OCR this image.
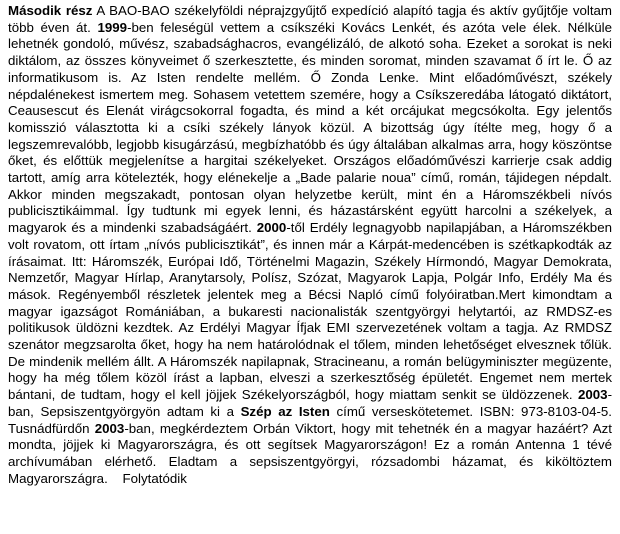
Második rész A BAO-BAO székelyföldi néprajzgyűjtő expedíció alapító tagja és aktív gyűjtője voltam több éven át. 1999-ben feleségül vettem a csíkszéki Kovács Lenkét, és azóta vele élek. Nélküle lehetnék gondoló, művész, szabadsághacros, evangélizáló, de alkotó soha. Ezeket a sorokat is neki diktálom, az összes könyveimet ő szerkesztette, és minden soromat, minden szavamat ő írt le. Ő az informatikusom is. Az Isten rendelte mellém. Ő Zonda Lenke. Mint előadóművészt, székely népdalénekest ismertem meg. Sohasem vetettem szemére, hogy a Csíkszeredába látogató diktátort, Ceausescut és Elenát virágcsokorral fogadta, és mind a két orcájukat megcsókolta. Egy jelentős komisszió választotta ki a csíki székely lányok közül. A bizottság úgy ítélte meg, hogy ő a legszemrevalóbb, legjobb kisugárzású, megbízhatóbb és úgy általában alkalmas arra, hogy köszöntse őket, és előttük megjelenítse a hargitai székelyeket. Országos előadóművészi karrierje csak addig tartott, amíg arra kötelezték, hogy elénekelje a „Bade palarie noua” című, román, tájidegen népdalt. Akkor minden megszakadt, pontosan olyan helyzetbe került, mint én a Háromszékbeli nívós publicisztikáimmal. Így tudtunk mi egyek lenni, és házastársként együtt harcolni a székelyek, a magyarok és a mindenki szabadságáért. 2000-től Erdély legnagyobb napilapjában, a Háromszékben volt rovatom, ott írtam „nívós publicisztikát”, és innen már a Kárpát-medencében is szétkapkodták az írásaimat. Itt: Háromszék, Európai Idő, Történelmi Magazin, Székely Hírmondó, Magyar Demokrata, Nemzetőr, Magyar Hírlap, Aranytarsoly, Polísz, Szózat, Magyarok Lapja, Polgár Info, Erdély Ma és mások. Regényemből részletek jelentek meg a Bécsi Napló című folyóiratban.Mert kimondtam a magyar igazságot Romániában, a bukaresti nacionalisták szentgyörgyi helytartói, az RMDSZ-es politikusok üldözni kezdtek. Az Erdélyi Magyar Ífjak EMI szervezetének voltam a tagja. Az RMDSZ szenátor megzsarolta őket, hogy ha nem határolódnak el tőlem, minden lehetőséget elvesznek tőlük. De mindenik mellém állt. A Háromszék napilapnak, Stracineanu, a román belügyminiszter megüzente, hogy ha még tőlem közöl írást a lapban, elveszi a szerkesztőség épületét. Engemet nem mertek bántani, de tudtam, hogy el kell jöjjek Székelyországból, hogy miattam senkit se üldözzenek. 2003-ban, Sepsiszentgyörgyön adtam ki a Szép az Isten című verseskötetemet. ISBN: 973-8103-04-5. Tusnádfürdőn 2003-ban, megkérdeztem Orbán Viktort, hogy mit tehetnék én a magyar hazáért? Azt mondta, jöjjek ki Magyarországra, és ott segítsek Magyarországon! Ez a román Antenna 1 tévé archívumában elérhető. Eladtam a sepsiszentgyörgyi, rózsadombi házamat, és kiköltöztem Magyarországra.    Folytatódik
